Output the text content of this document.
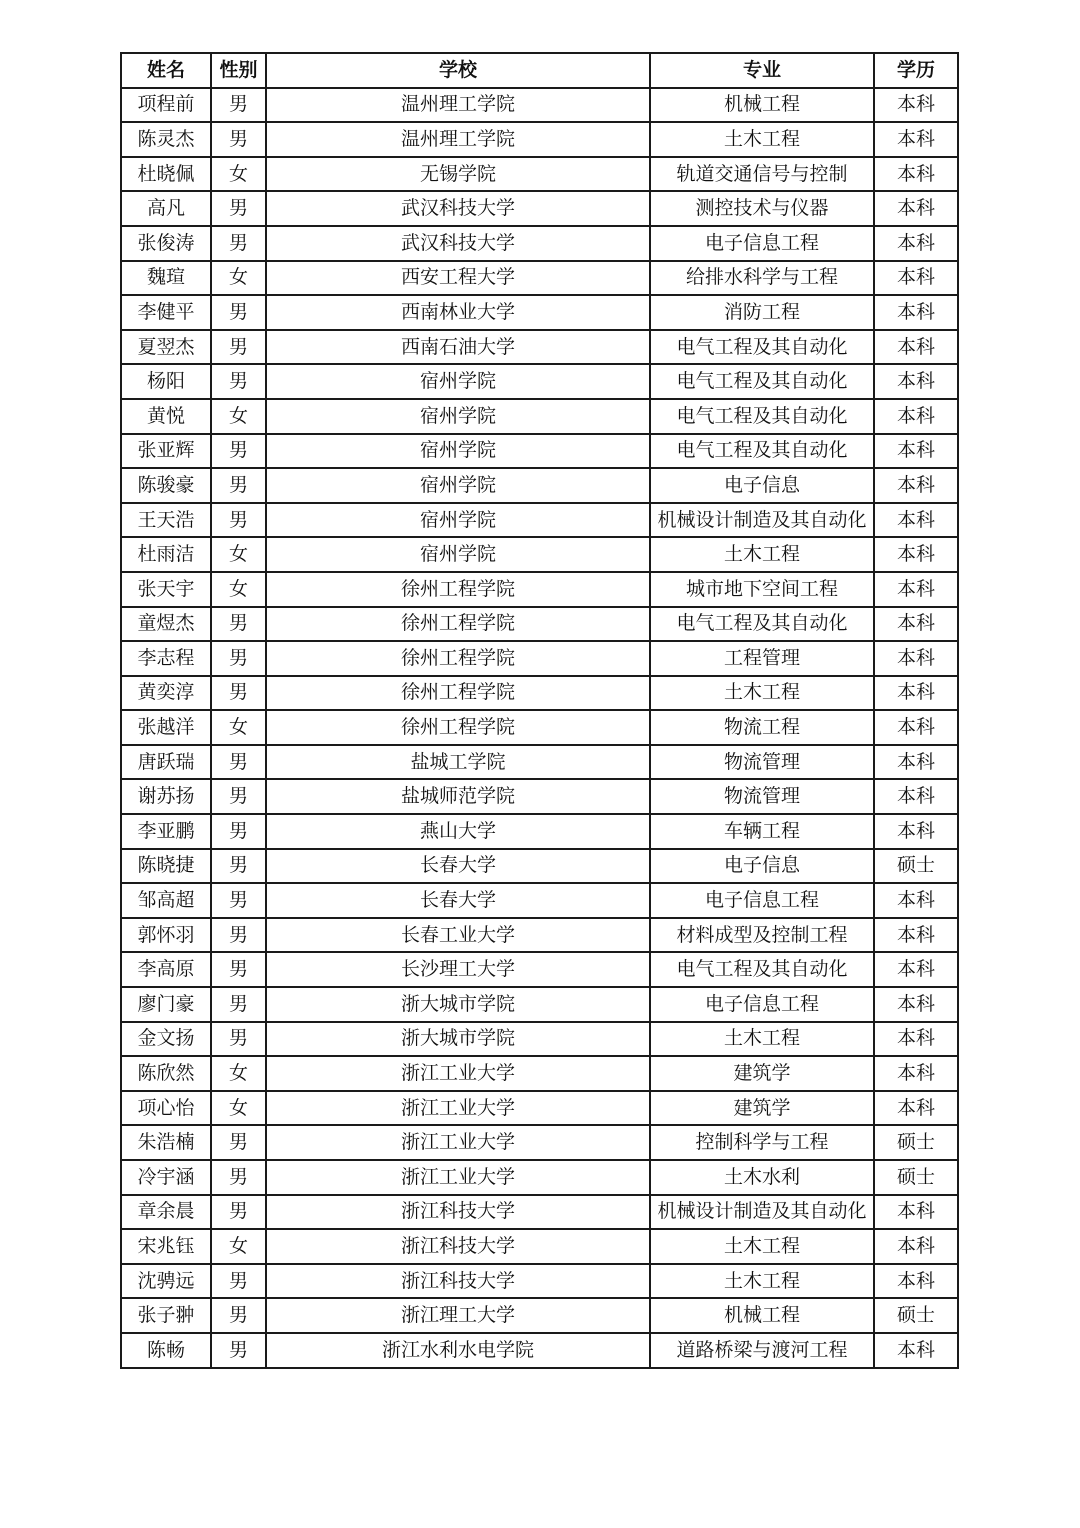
姓名	性别	学校	专业	学历
项程前	男	温州理工学院	机械工程	本科
陈灵杰	男	温州理工学院	土木工程	本科
杜晓佩	女	无锡学院	轨道交通信号与控制	本科
高凡	男	武汉科技大学	测控技术与仪器	本科
张俊涛	男	武汉科技大学	电子信息工程	本科
魏瑄	女	西安工程大学	给排水科学与工程	本科
李健平	男	西南林业大学	消防工程	本科
夏翌杰	男	西南石油大学	电气工程及其自动化	本科
杨阳	男	宿州学院	电气工程及其自动化	本科
黄悦	女	宿州学院	电气工程及其自动化	本科
张亚辉	男	宿州学院	电气工程及其自动化	本科
陈骏豪	男	宿州学院	电子信息	本科
王天浩	男	宿州学院	机械设计制造及其自动化	本科
杜雨洁	女	宿州学院	土木工程	本科
张天宇	女	徐州工程学院	城市地下空间工程	本科
童煜杰	男	徐州工程学院	电气工程及其自动化	本科
李志程	男	徐州工程学院	工程管理	本科
黄奕淳	男	徐州工程学院	土木工程	本科
张越洋	女	徐州工程学院	物流工程	本科
唐跃瑞	男	盐城工学院	物流管理	本科
谢苏扬	男	盐城师范学院	物流管理	本科
李亚鹏	男	燕山大学	车辆工程	本科
陈晓捷	男	长春大学	电子信息	硕士
邹高超	男	长春大学	电子信息工程	本科
郭怀羽	男	长春工业大学	材料成型及控制工程	本科
李高原	男	长沙理工大学	电气工程及其自动化	本科
廖门豪	男	浙大城市学院	电子信息工程	本科
金文扬	男	浙大城市学院	土木工程	本科
陈欣然	女	浙江工业大学	建筑学	本科
项心怡	女	浙江工业大学	建筑学	本科
朱浩楠	男	浙江工业大学	控制科学与工程	硕士
冷宇涵	男	浙江工业大学	土木水利	硕士
章余晨	男	浙江科技大学	机械设计制造及其自动化	本科
宋兆钰	女	浙江科技大学	土木工程	本科
沈骋远	男	浙江科技大学	土木工程	本科
张子翀	男	浙江理工大学	机械工程	硕士
陈畅	男	浙江水利水电学院	道路桥梁与渡河工程	本科
